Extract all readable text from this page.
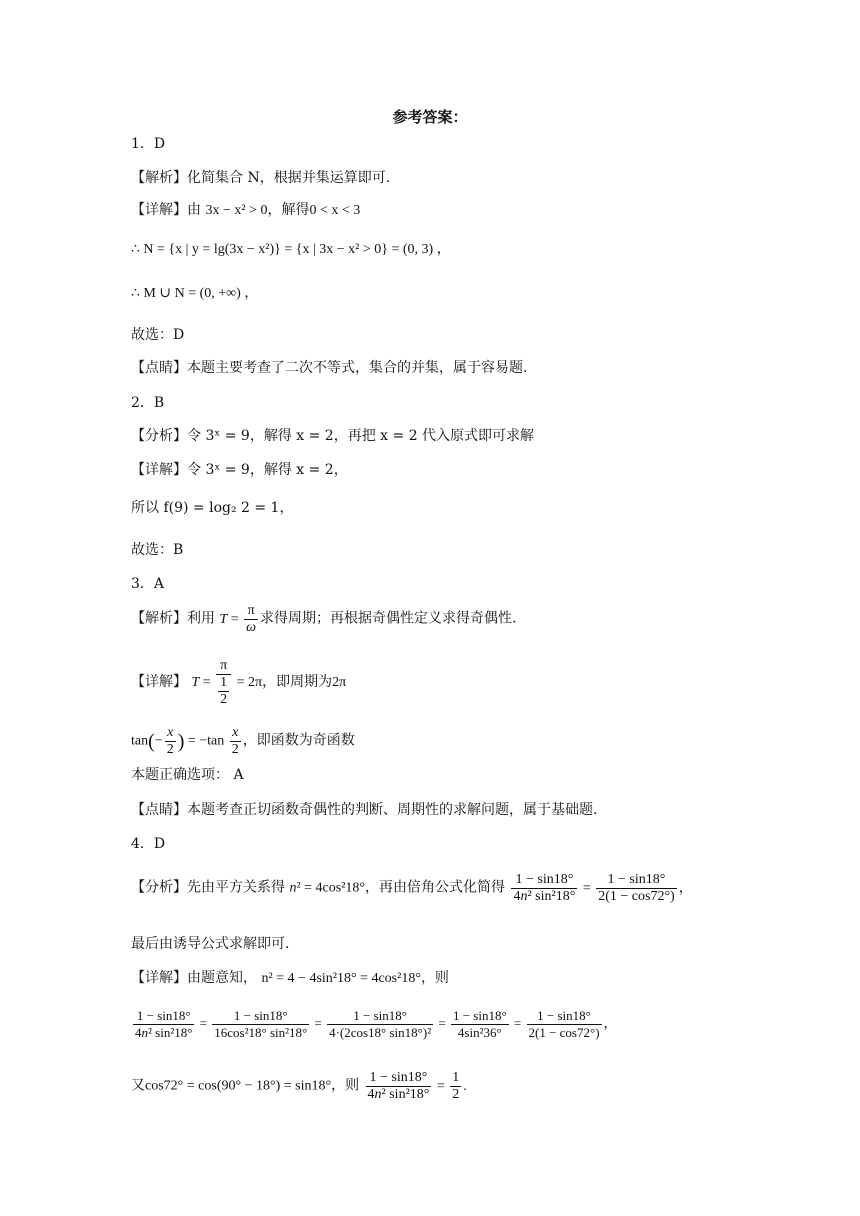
参考答案：
1．D
【解析】化简集合 N，根据并集运算即可.
【详解】由 3x − x² > 0，解得0 < x < 3
∴ N = {x | y = lg(3x − x²)} = {x | 3x − x² > 0} = (0, 3) ，
∴ M ∪ N = (0, +∞) ，
故选：D
【点睛】本题主要考查了二次不等式，集合的并集，属于容易题.
2．B
【分析】令 3ˣ = 9，解得 x = 2，再把 x = 2 代入原式即可求解
【详解】令 3ˣ = 9，解得 x = 2，
所以 f(9) = log₂ 2 = 1，
故选：B
3．A
【解析】利用 $T = \frac{\pi}{\omega}$ 求得周期；再根据奇偶性定义求得奇偶性.
【详解】 T = π
1
2 = 2π，即周期为2π
$\tan(- \frac{x}{2}$ ) = $-\tan \frac{x}{2}$ ，即函数为奇函数
本题正确选项： A
【点睛】本题考查正切函数奇偶性的判断、周期性的求解问题，属于基础题.
4．D
【分析】先由平方关系得 n² = 4cos²18°，再由倍角公式化简得 $\frac{1 - \sin 18^\circ}{\text{4n² sin²18°}} = \frac{1 - \sin 18^\circ}{2(1 - \cos 72^\circ)}$ ，
最后由诱导公式求解即可.
【详解】由题意知， n² = 4 − 4sin²18° = 4cos²18°，则
$\frac{1 - \sin 18^\circ}{\text{4n² sin²18°}} = \frac{1 - \sin 18^\circ}{\text{16cos²18° sin²18°}} = \frac{1 - \sin 18^\circ}{\text{4·(2cos18° sin18°)²}} = \frac{1 - \sin 18^\circ}{\text{4sin²36°}} = \frac{1 - \sin 18^\circ}{2(1 - \cos 72^\circ)}$ ，
又cos72° = cos(90° − 18°) = sin18°，则 $\frac{1 - \sin 18^\circ}{\text{4n² sin²18°}} = \frac{1}{2}$ .
